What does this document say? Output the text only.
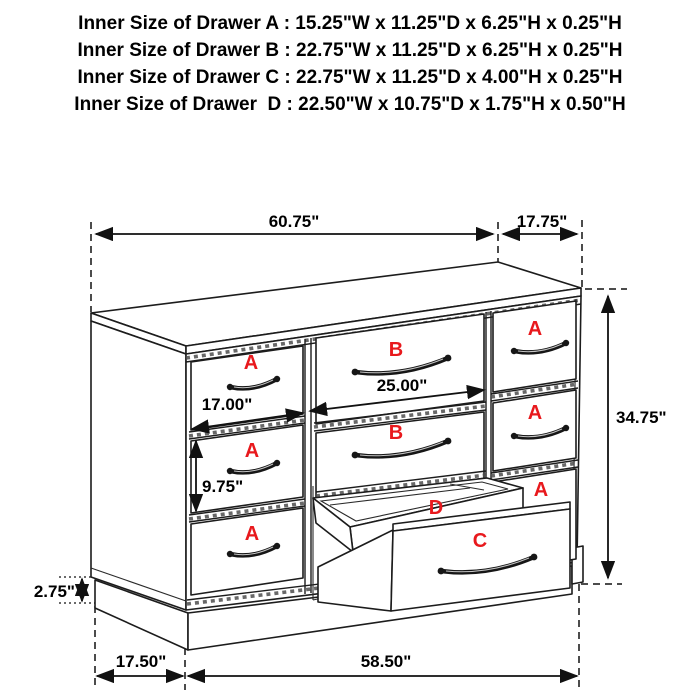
Inner Size of Drawer A : 15.25"W x 11.25"D x 6.25"H x 0.25"H
Inner Size of Drawer B : 22.75"W x 11.25"D x 6.25"H x 0.25"H
Inner Size of Drawer C : 22.75"W x 11.25"D x 4.00"H x 0.25"H
Inner Size of Drawer  D : 22.50"W x 10.75"D x 1.75"H x 0.50"H
A
A
A
B
B
A
A
A
D
C
60.75"	17.75"
34.75"
17.00"
25.00"
9.75"
2.75"
17.50"	58.50"
